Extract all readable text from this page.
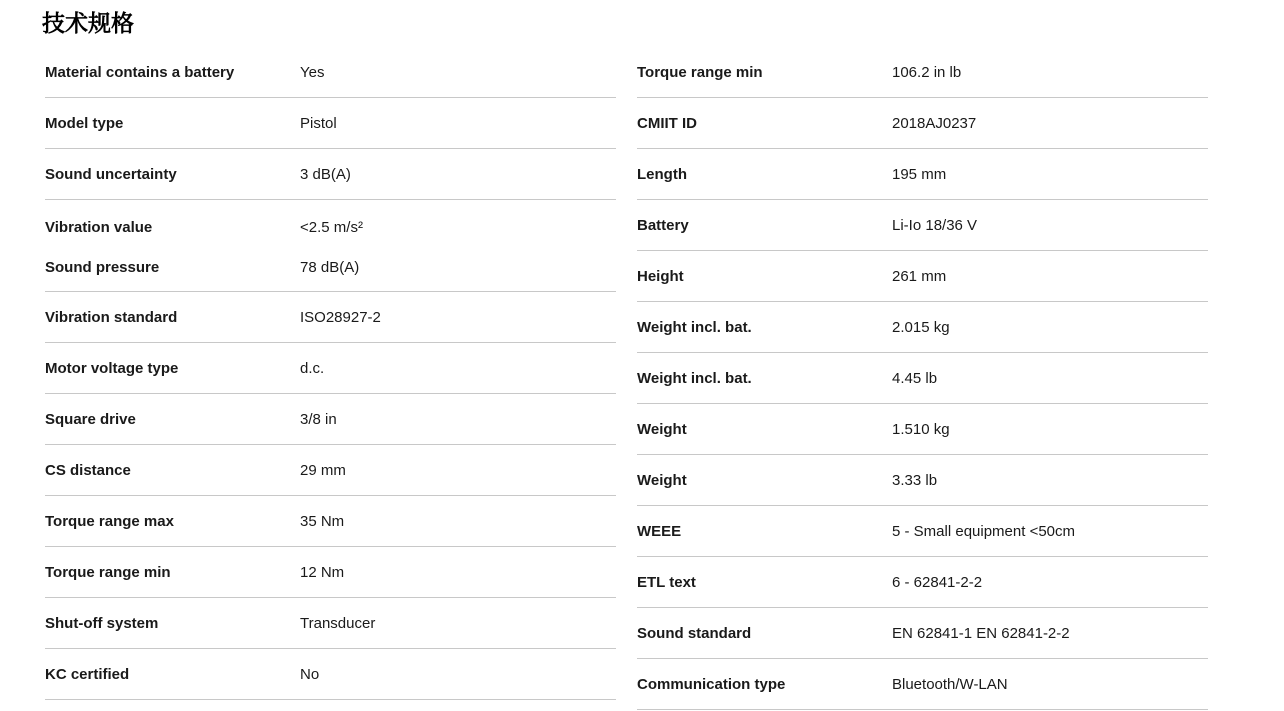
技术规格
Material contains a battery	Yes
Model type	Pistol
Sound uncertainty	3 dB(A)
Vibration value	<2.5 m/s²
Sound pressure	78 dB(A)
Vibration standard	ISO28927-2
Motor voltage type	d.c.
Square drive	3/8 in
CS distance	29 mm
Torque range max	35 Nm
Torque range min	12 Nm
Shut-off system	Transducer
KC certified	No
Torque range min	106.2 in lb
CMIIT ID	2018AJ0237
Length	195 mm
Battery	Li-Io 18/36 V
Height	261 mm
Weight incl. bat.	2.015 kg
Weight incl. bat.	4.45 lb
Weight	1.510 kg
Weight	3.33 lb
WEEE	5 - Small equipment <50cm
ETL text	6 - 62841-2-2
Sound standard	EN 62841-1 EN 62841-2-2
Communication type	Bluetooth/W-LAN
